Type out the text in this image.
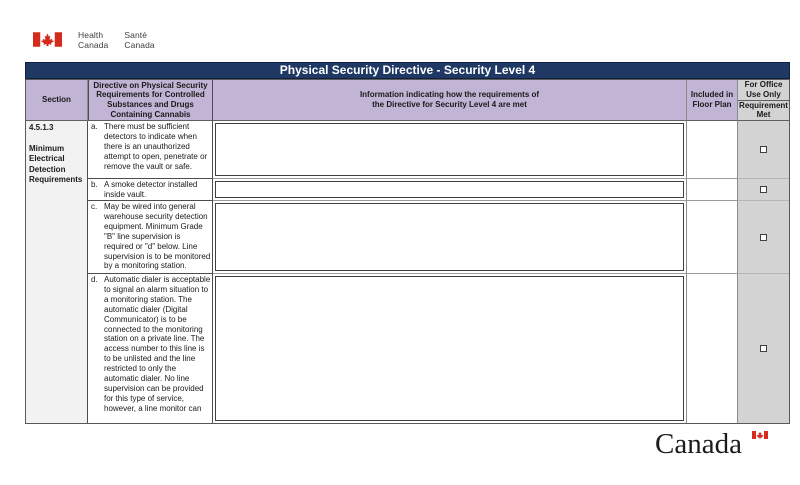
Health
Canada
Santé
Canada
Physical Security Directive - Security Level 4
Section
Directive on Physical Security Requirements for Controlled Substances and Drugs Containing Cannabis
Information indicating how the requirements of
the Directive for Security Level 4 are met
Included in
Floor Plan
For Office
Use Only
Requirement
Met
4.5.1.3
Minimum Electrical Detection Requirements
a. There must be sufficient detectors to indicate when there is an unauthorized attempt to open, penetrate or remove the vault or safe.
b. A smoke detector installed inside vault.
c. May be wired into general warehouse security detection equipment. Minimum Grade "B" line supervision is required or "d" below. Line supervision is to be monitored by a monitoring station.
d. Automatic dialer is acceptable to signal an alarm situation to a monitoring station. The automatic dialer (Digital Communicator) is to be connected to the monitoring station on a private line. The access number to this line is to be unlisted and the line restricted to only the automatic dialer. No line supervision can be provided for this type of service, however, a line monitor can
Canada
